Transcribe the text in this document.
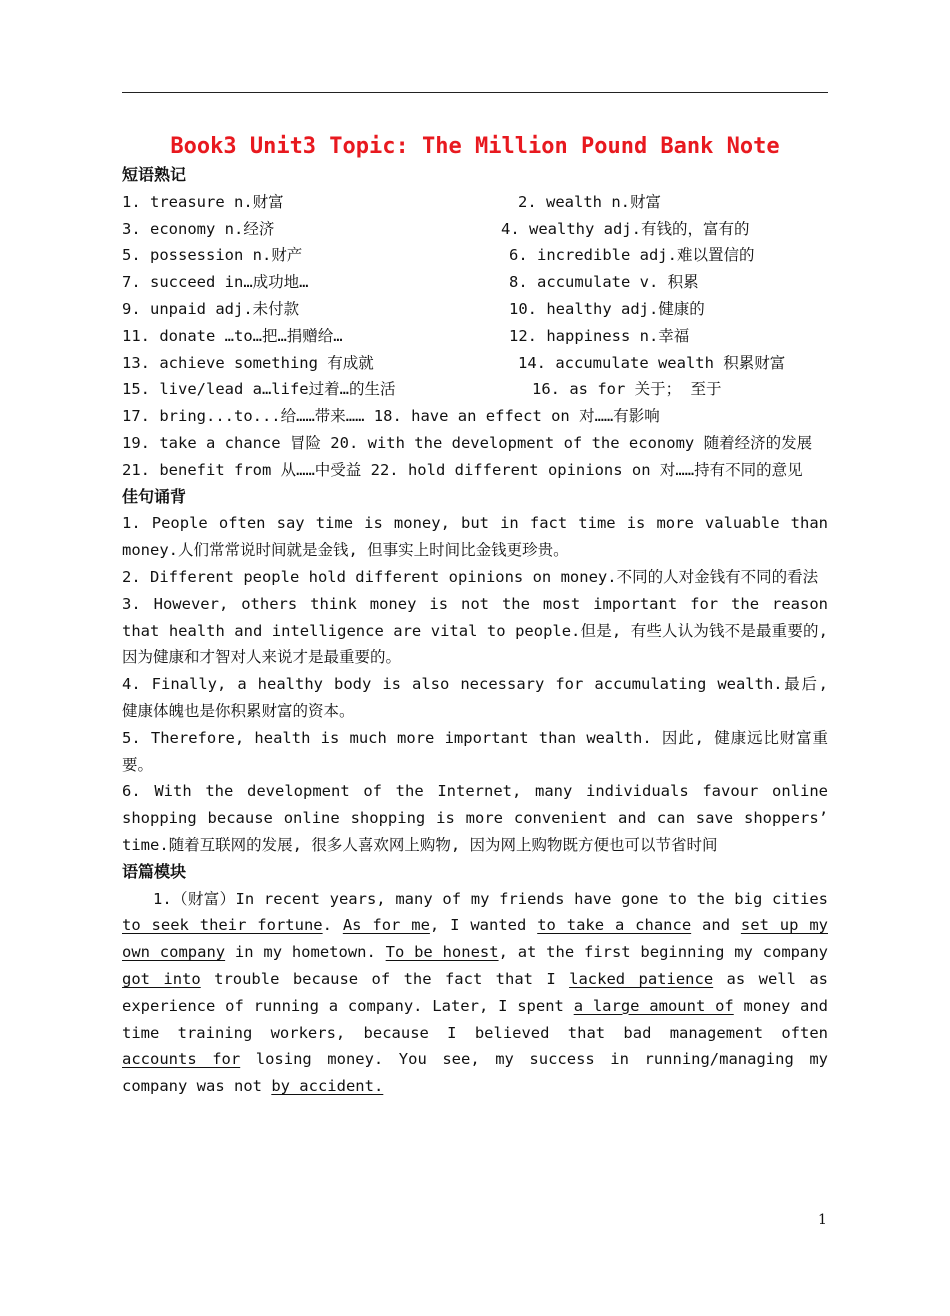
Book3 Unit3 Topic: The Million Pound Bank Note
短语熟记
1. treasure n.财富	2. wealth n.财富
3. economy n.经济	4. wealthy adj.有钱的，富有的
5. possession n.财产	6. incredible adj.难以置信的
7. succeed in…成功地…	8. accumulate v. 积累
9. unpaid adj.未付款	10. healthy adj.健康的
11. donate …to…把…捐赠给…	12. happiness n.幸福
13. achieve something 有成就	14. accumulate wealth 积累财富
15. live/lead a…life过着…的生活	16. as for 关于； 至于
17. bring...to...给……带来…… 18. have an effect on 对……有影响
19. take a chance 冒险 20. with the development of the economy 随着经济的发展
21. benefit from 从……中受益 22. hold different opinions on 对……持有不同的意见
佳句诵背
1. People often say time is money, but in fact time is more valuable than money.人们常常说时间就是金钱, 但事实上时间比金钱更珍贵。
2. Different people hold different opinions on money.不同的人对金钱有不同的看法
3. However, others think money is not the most important for the reason that health and intelligence are vital to people.但是, 有些人认为钱不是最重要的, 因为健康和才智对人来说才是最重要的。
4. Finally, a healthy body is also necessary for accumulating wealth.最后, 健康体魄也是你积累财富的资本。
5. Therefore, health is much more important than wealth. 因此, 健康远比财富重要。
6. With the development of the Internet, many individuals favour online shopping because online shopping is more convenient and can save shoppers’ time.随着互联网的发展, 很多人喜欢网上购物, 因为网上购物既方便也可以节省时间
语篇模块
1.（财富）In recent years, many of my friends have gone to the big cities to seek their fortune. As for me, I wanted to take a chance and set up my own company in my hometown. To be honest, at the first beginning my company got into trouble because of the fact that I lacked patience as well as experience of running a company. Later, I spent a large amount of money and time training workers, because I believed that bad management often accounts for losing money. You see, my success in running/managing my company was not by accident.
1
